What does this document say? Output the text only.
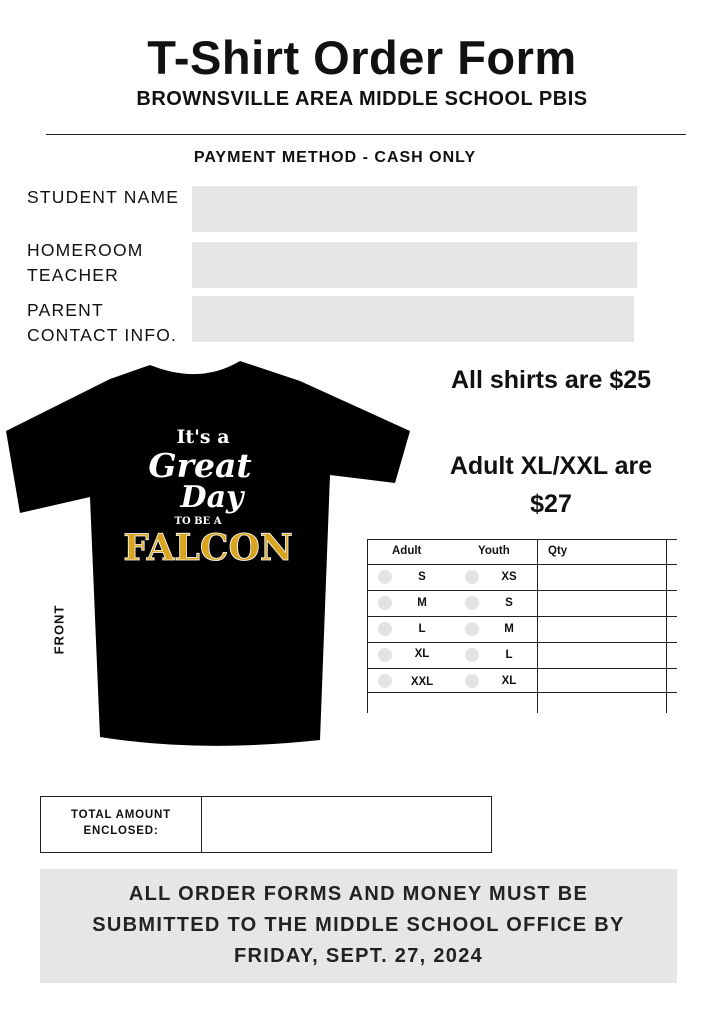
T-Shirt Order Form
BROWNSVILLE AREA MIDDLE SCHOOL PBIS
PAYMENT METHOD - CASH ONLY
STUDENT NAME
HOMEROOM
TEACHER
PARENT
CONTACT INFO.
It's a
Great
Day
TO BE A
FALCON
FRONT
All shirts are $25
Adult XL/XXL are
$27
Adult	Youth	Qty
S	XS
M	S
L	M
XL	L
XXL	XL
TOTAL AMOUNT
ENCLOSED:
ALL ORDER FORMS AND MONEY MUST BE
SUBMITTED TO THE MIDDLE SCHOOL OFFICE BY
FRIDAY, SEPT. 27, 2024
